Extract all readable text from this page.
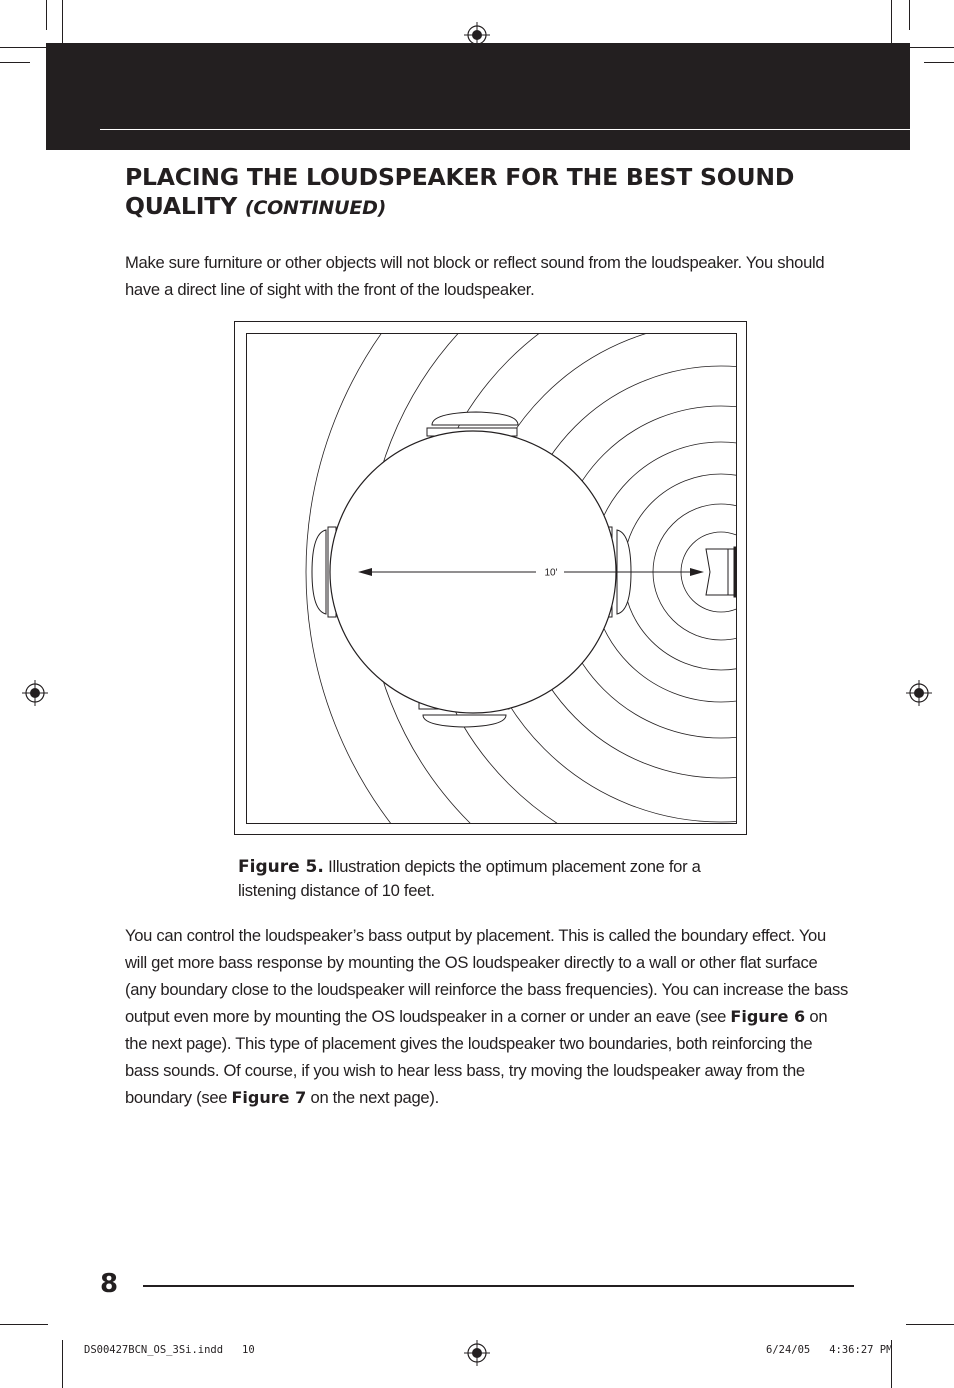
PLACING THE LOUDSPEAKER FOR THE BEST SOUND QUALITY (CONTINUED)

Make sure furniture or other objects will not block or reflect sound from the loudspeaker. You should have a direct line of sight with the front of the loudspeaker.

10'

Figure 5. Illustration depicts the optimum placement zone for a listening distance of 10 feet.

You can control the loudspeaker’s bass output by placement. This is called the boundary effect. You will get more bass response by mounting the OS loudspeaker directly to a wall or other flat surface (any boundary close to the loudspeaker will reinforce the bass frequencies). You can increase the bass output even more by mounting the OS loudspeaker in a corner or under an eave (see Figure 6 on the next page). This type of placement gives the loudspeaker two boundaries, both reinforcing the bass sounds. Of course, if you wish to hear less bass, try moving the loudspeaker away from the boundary (see Figure 7 on the next page).

8
DS00427BCN_OS_3Si.indd   10	6/24/05   4:36:27 PM
